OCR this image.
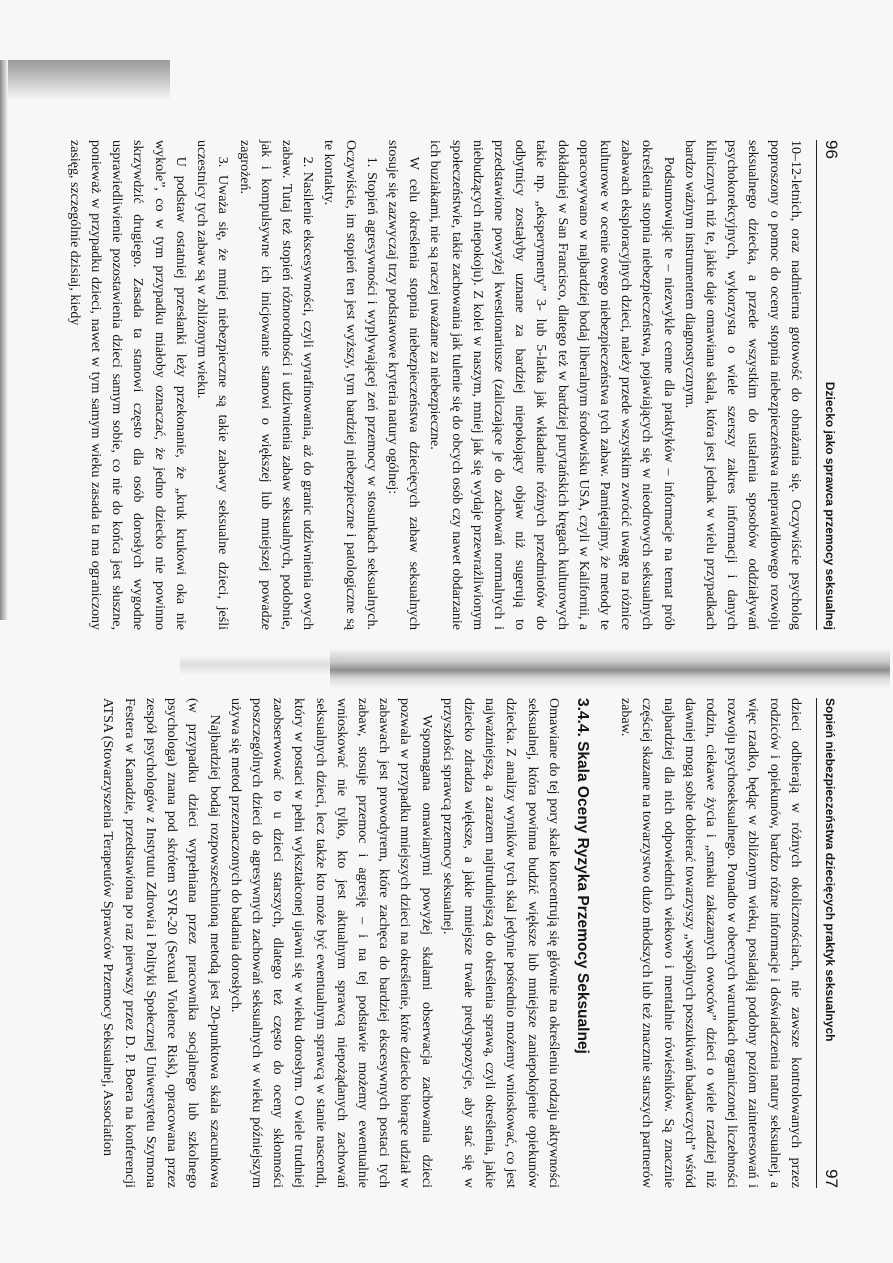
96
Dziecko jako sprawca przemocy seksualnej

10–12-letnich, oraz nadmierna gotowość do obnażania się. Oczywiście psycholog poproszony o pomoc do oceny stopnia niebezpieczeństwa nieprawidłowego rozwoju seksualnego dziecka, a przede wszystkim do ustalenia sposobów oddziaływań psychokorekcyjnych, wykorzysta o wiele szerszy zakres informacji i danych klinicznych niż te, jakie daje omawiana skala, która jest jednak w wielu przypadkach bardzo ważnym instrumentem diagnostycznym.

Podsumowując te – niezwykle cenne dla praktyków – informacje na temat prób określenia stopnia niebezpieczeństwa, pojawiających się w nieodrowych seksualnych zabawach eksploracyjnych dzieci, należy przede wszystkim zwrócić uwagę na różnice kulturowe w ocenie owego niebezpieczeństwa tych zabaw. Pamiętajmy, że metody te opracowywano w najbardziej bodaj liberalnym środowisku USA, czyli w Kalifornii, a dokładniej w San Francisco, dlatego też w bardziej purytańskich kręgach kulturowych takie np. „eksperymenty” 3- lub 5-latka jak wkładanie różnych przedmiotów do odbytnicy zostałyby uznane za bardziej niepokojący objaw niż sugerują to przedstawione powyżej kwestionariusze (zaliczające je do zachowań normalnych i niebudzących niepokoju). Z kolei w naszym, mniej jak się wydaje przewrażliwionym społeczeństwie, takie zachowania jak tulenie się do obcych osób czy nawet obdarzanie ich buziakami, nie są raczej uważane za niebezpieczne.

W celu określenia stopnia niebezpieczeństwa dziecięcych zabaw seksualnych stosuje się zazwyczaj trzy podstawowe kryteria natury ogólnej:

1. Stopień agresywności i wyplywającej zeń przemocy w stosunkach seksualnych. Oczywiście, im stopień ten jest wyższy, tym bardziej niebezpieczne i patologiczne są te kontakty.
2. Nasilenie ekscesywności, czyli wyrafinowania, aż do granic udziwnienia owych zabaw. Tutaj też stopień różnorodności i udziwnienia zabaw seksualnych, podobnie, jak i kompulsywne ich inicjowanie stanowi o większej lub mniejszej powadze zagrożeń.
3. Uważa się, że mniej niebezpieczne są takie zabawy seksualne dzieci, jeśli uczestnicy tych zabaw są w zbliżonym wieku.

U podstaw ostatniej przesłanki leży przekonanie, że „kruk krukowi oka nie wykole”, co w tym przypadku miałoby oznaczać, że jedno dziecko nie powinno skrzywdzić drugiego. Zasada ta stanowi często dla osób dorosłych wygodne usprawiedliwienie pozostawienia dzieci samym sobie, co nie do końca jest słuszne, ponieważ w przypadku dzieci, nawet w tym samym wieku zasada ta ma ograniczony zasięg, szczególnie dzisiaj, kiedy

Sopień niebezpieczeństwa dziecięcych praktyk seksualnych
97

dzieci odbierają w różnych okolicznościach, nie zawsze kontrolowanych przez rodziców i opiekunów, bardzo różne informacje i doświadczenia natury seksualnej, a więc rzadko, będąc w zbliżonym wieku, posiadają podobny poziom zainteresowań i rozwoju psychoseksualnego. Ponadto w obecnych warunkach ograniczonej liczebności rodzin, ciekawe życia i „smaku zakazanych owoców” dzieci o wiele rzadziej niż dawniej mogą sobie dobierać towarzyszy „wspólnych poszukiwań badawczych” wśród najbardziej dla nich odpowiednich wiekowo i mentalnie rówieśników. Są znacznie częściej skazane na towarzystwo dużo młodszych lub też znacznie starszych partnerów zabaw.

3.4.4. Skala Oceny Ryzyka Przemocy Seksualnej

Omawiane do tej pory skale koncentrują się głównie na określeniu rodzaju aktywności seksualnej, która powinna budzić większe lub mniejsze zaniepokojenie opiekunów dziecka. Z analizy wyników tych skal jedynie pośrednio możemy wnioskować, co jest najważniejszą, a zarazem najtrudniejszą do określenia sprawą, czyli określenia, jakie dziecko zdradza większe, a jakie mniejsze trwałe predyspozycje, aby stać się w przyszłości sprawcą przemocy seksualnej.

Wspomagana omawianymi powyżej skalami obserwacja zachowania dzieci pozwala w przypadku mniejszych dzieci na określenie, które dziecko biorące udział w zabawach jest prowodyrem, które zachęca do bardziej ekscesywnych postaci tych zabaw, stosuje przemoc i agresję – i na tej podstawie możemy ewentualnie wnioskować nie tylko, kto jest aktualnym sprawcą niepożądanych zachowań seksualnych dzieci, lecz także kto może być ewentualnym sprawcą w stanie nascendi, który w postaci w pełni wykształconej ujawni się w wieku dorosłym. O wiele trudniej zaobserwować to u dzieci starszych, dlatego też często do oceny skłonności poszczególnych dzieci do agresywnych zachowań seksualnych w wieku późniejszym używa się metod przeznaczonych do badania dorosłych.

Najbardziej bodaj rozpowszechnioną metodą jest 20-punktowa skala szacunkowa (w przypadku dzieci wypełniana przez pracownika socjalnego lub szkolnego psychologa) znana pod skrótem SVR-20 (Sexual Violence Risk), opracowana przez zespół psychologów z Instytutu Zdrowia i Polityki Społecznej Uniwersytetu Szymona Festera w Kanadzie, przedstawiona po raz pierwszy przez D. P. Boera na konferencji ATSA (Stowarzyszenia Terapeutów Sprawców Przemocy Seksualnej, Association
